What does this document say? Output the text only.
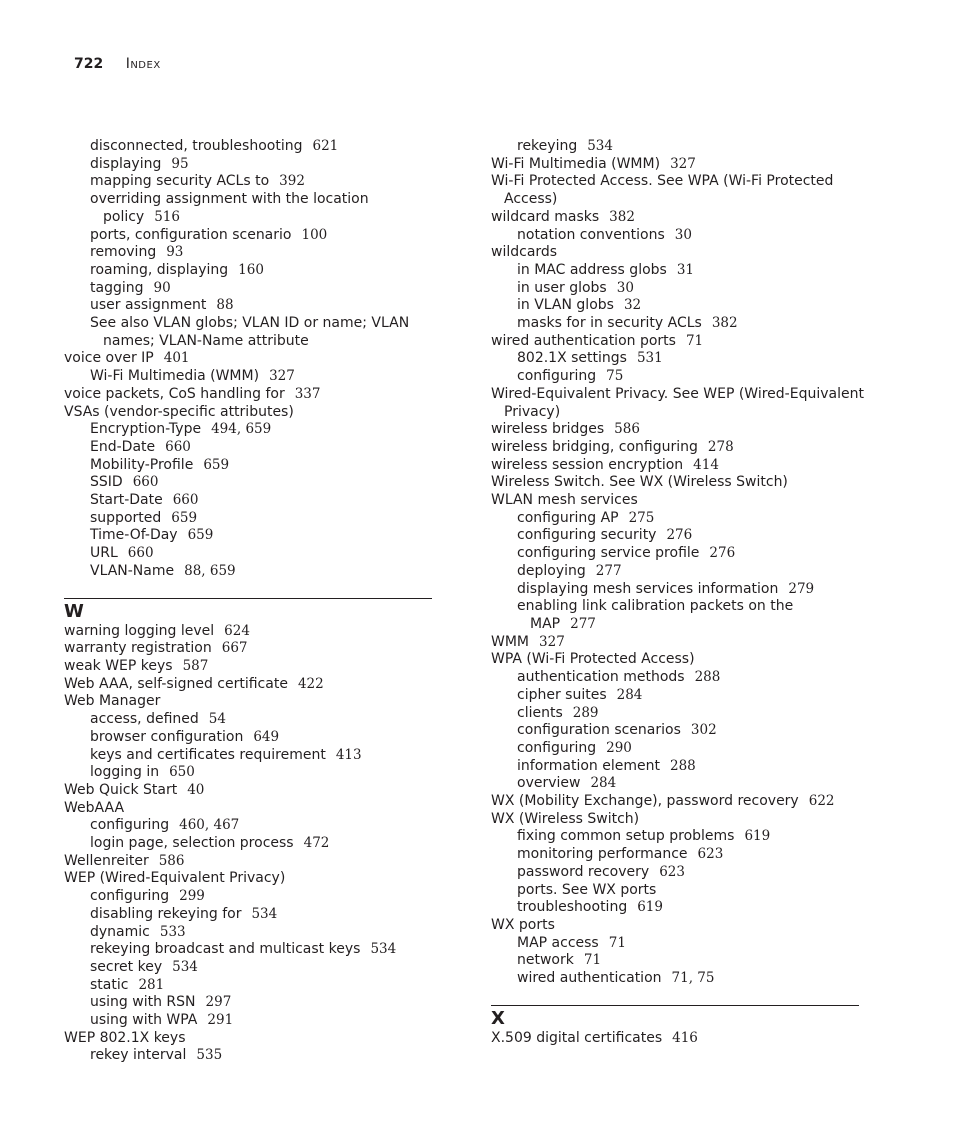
722 Index
disconnected, troubleshooting 621
displaying 95
mapping security ACLs to 392
overriding assignment with the location
policy 516
ports, configuration scenario 100
removing 93
roaming, displaying 160
tagging 90
user assignment 88
See also VLAN globs; VLAN ID or name; VLAN
names; VLAN-Name attribute
voice over IP 401
Wi-Fi Multimedia (WMM) 327
voice packets, CoS handling for 337
VSAs (vendor-specific attributes)
Encryption-Type 494, 659
End-Date 660
Mobility-Profile 659
SSID 660
Start-Date 660
supported 659
Time-Of-Day 659
URL 660
VLAN-Name 88, 659
W
warning logging level 624
warranty registration 667
weak WEP keys 587
Web AAA, self-signed certificate 422
Web Manager
access, defined 54
browser configuration 649
keys and certificates requirement 413
logging in 650
Web Quick Start 40
WebAAA
configuring 460, 467
login page, selection process 472
Wellenreiter 586
WEP (Wired-Equivalent Privacy)
configuring 299
disabling rekeying for 534
dynamic 533
rekeying broadcast and multicast keys 534
secret key 534
static 281
using with RSN 297
using with WPA 291
WEP 802.1X keys
rekey interval 535
rekeying 534
Wi-Fi Multimedia (WMM) 327
Wi-Fi Protected Access. See WPA (Wi-Fi Protected
Access)
wildcard masks 382
notation conventions 30
wildcards
in MAC address globs 31
in user globs 30
in VLAN globs 32
masks for in security ACLs 382
wired authentication ports 71
802.1X settings 531
configuring 75
Wired-Equivalent Privacy. See WEP (Wired-Equivalent
Privacy)
wireless bridges 586
wireless bridging, configuring 278
wireless session encryption 414
Wireless Switch. See WX (Wireless Switch)
WLAN mesh services
configuring AP 275
configuring security 276
configuring service profile 276
deploying 277
displaying mesh services information 279
enabling link calibration packets on the
MAP 277
WMM 327
WPA (Wi-Fi Protected Access)
authentication methods 288
cipher suites 284
clients 289
configuration scenarios 302
configuring 290
information element 288
overview 284
WX (Mobility Exchange), password recovery 622
WX (Wireless Switch)
fixing common setup problems 619
monitoring performance 623
password recovery 623
ports. See WX ports
troubleshooting 619
WX ports
MAP access 71
network 71
wired authentication 71, 75
X
X.509 digital certificates 416
